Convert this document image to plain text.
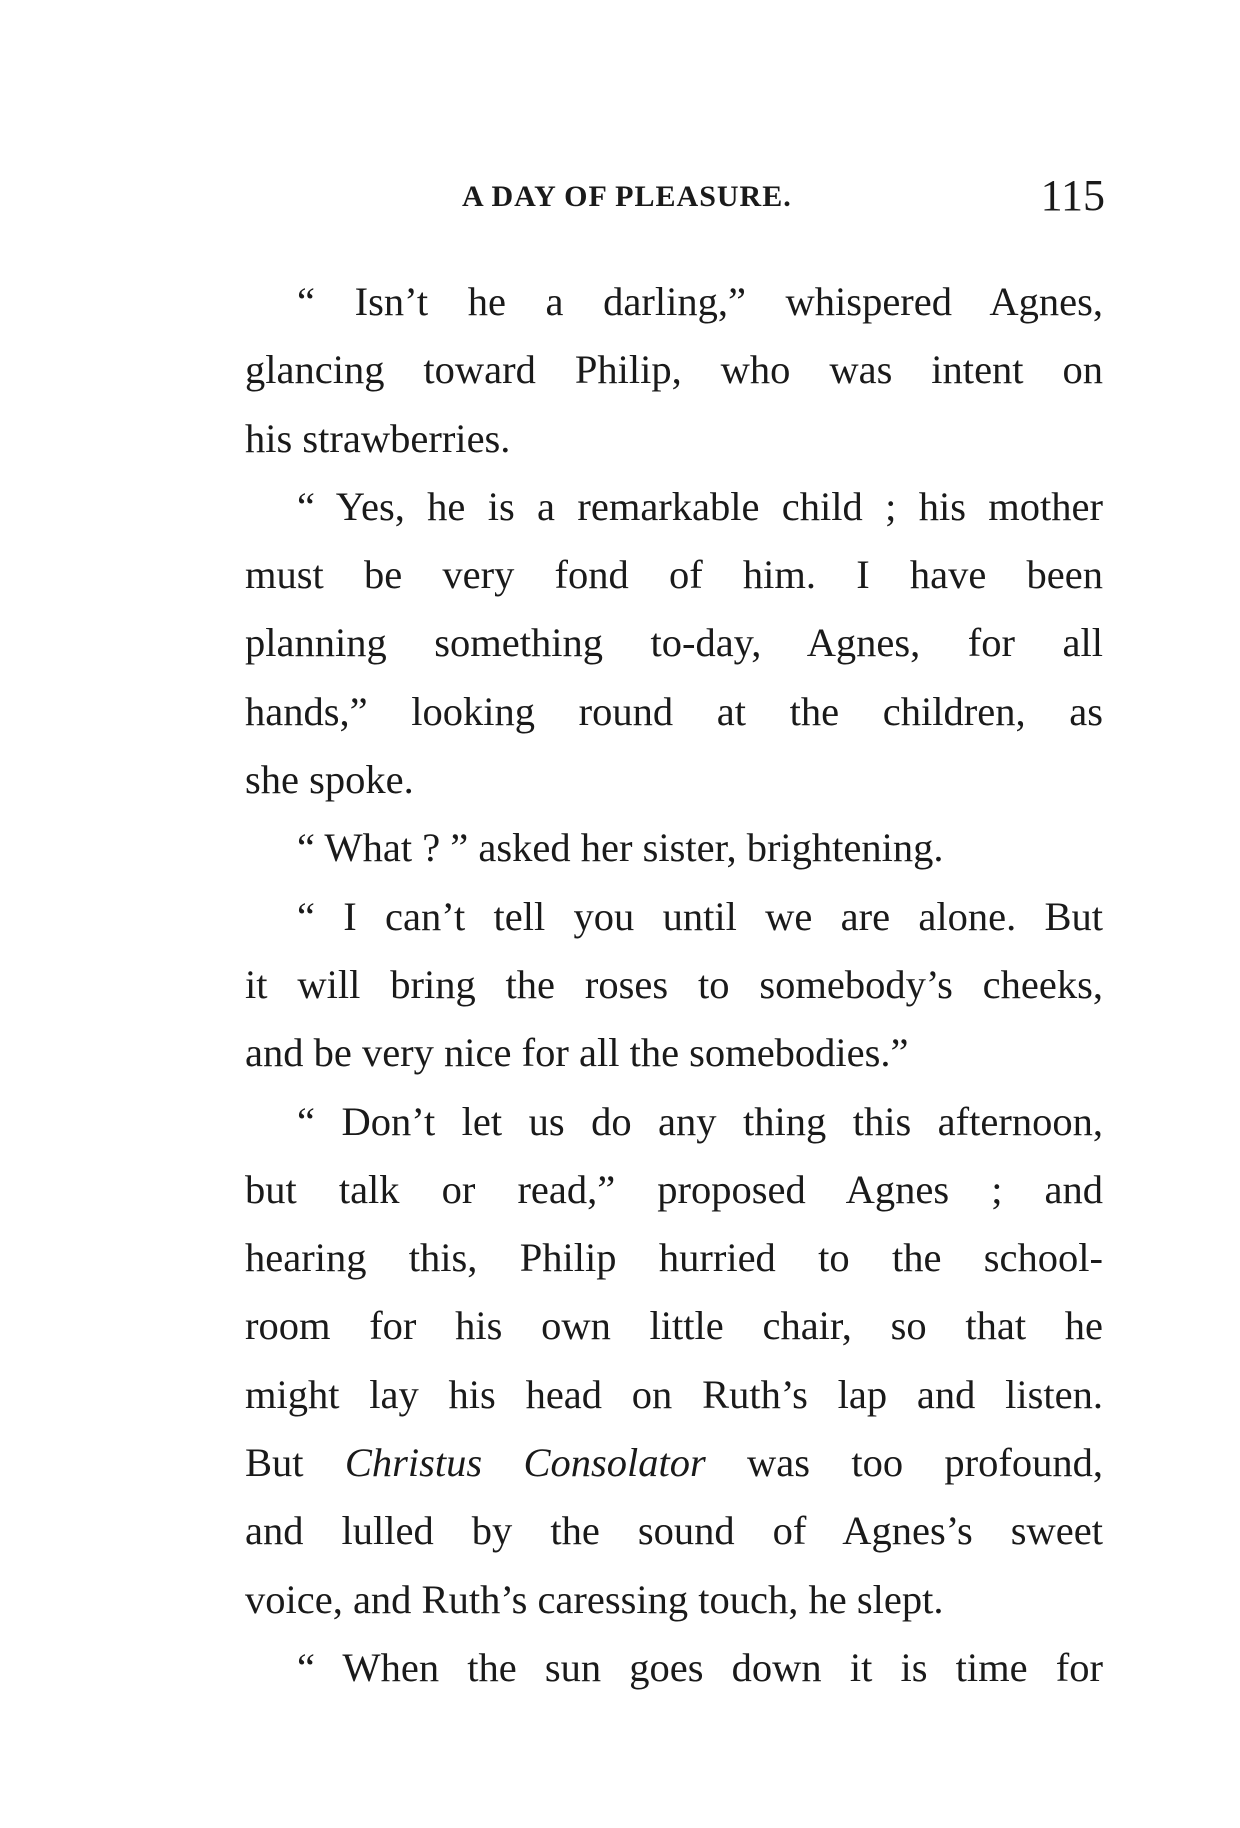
A DAY OF PLEASURE.	115

“ Isn’t he a darling,” whispered Agnes,
glancing toward Philip, who was intent on
his strawberries.

“ Yes, he is a remarkable child ; his mother
must be very fond of him. I have been
planning something to-day, Agnes, for all
hands,” looking round at the children, as
she spoke.

“ What ? ” asked her sister, brightening.

“ I can’t tell you until we are alone. But
it will bring the roses to somebody’s cheeks,
and be very nice for all the somebodies.”

“ Don’t let us do any thing this afternoon,
but talk or read,” proposed Agnes ; and
hearing this, Philip hurried to the school-
room for his own little chair, so that he
might lay his head on Ruth’s lap and listen.
But Christus Consolator was too profound,
and lulled by the sound of Agnes’s sweet
voice, and Ruth’s caressing touch, he slept.

“ When the sun goes down it is time for
